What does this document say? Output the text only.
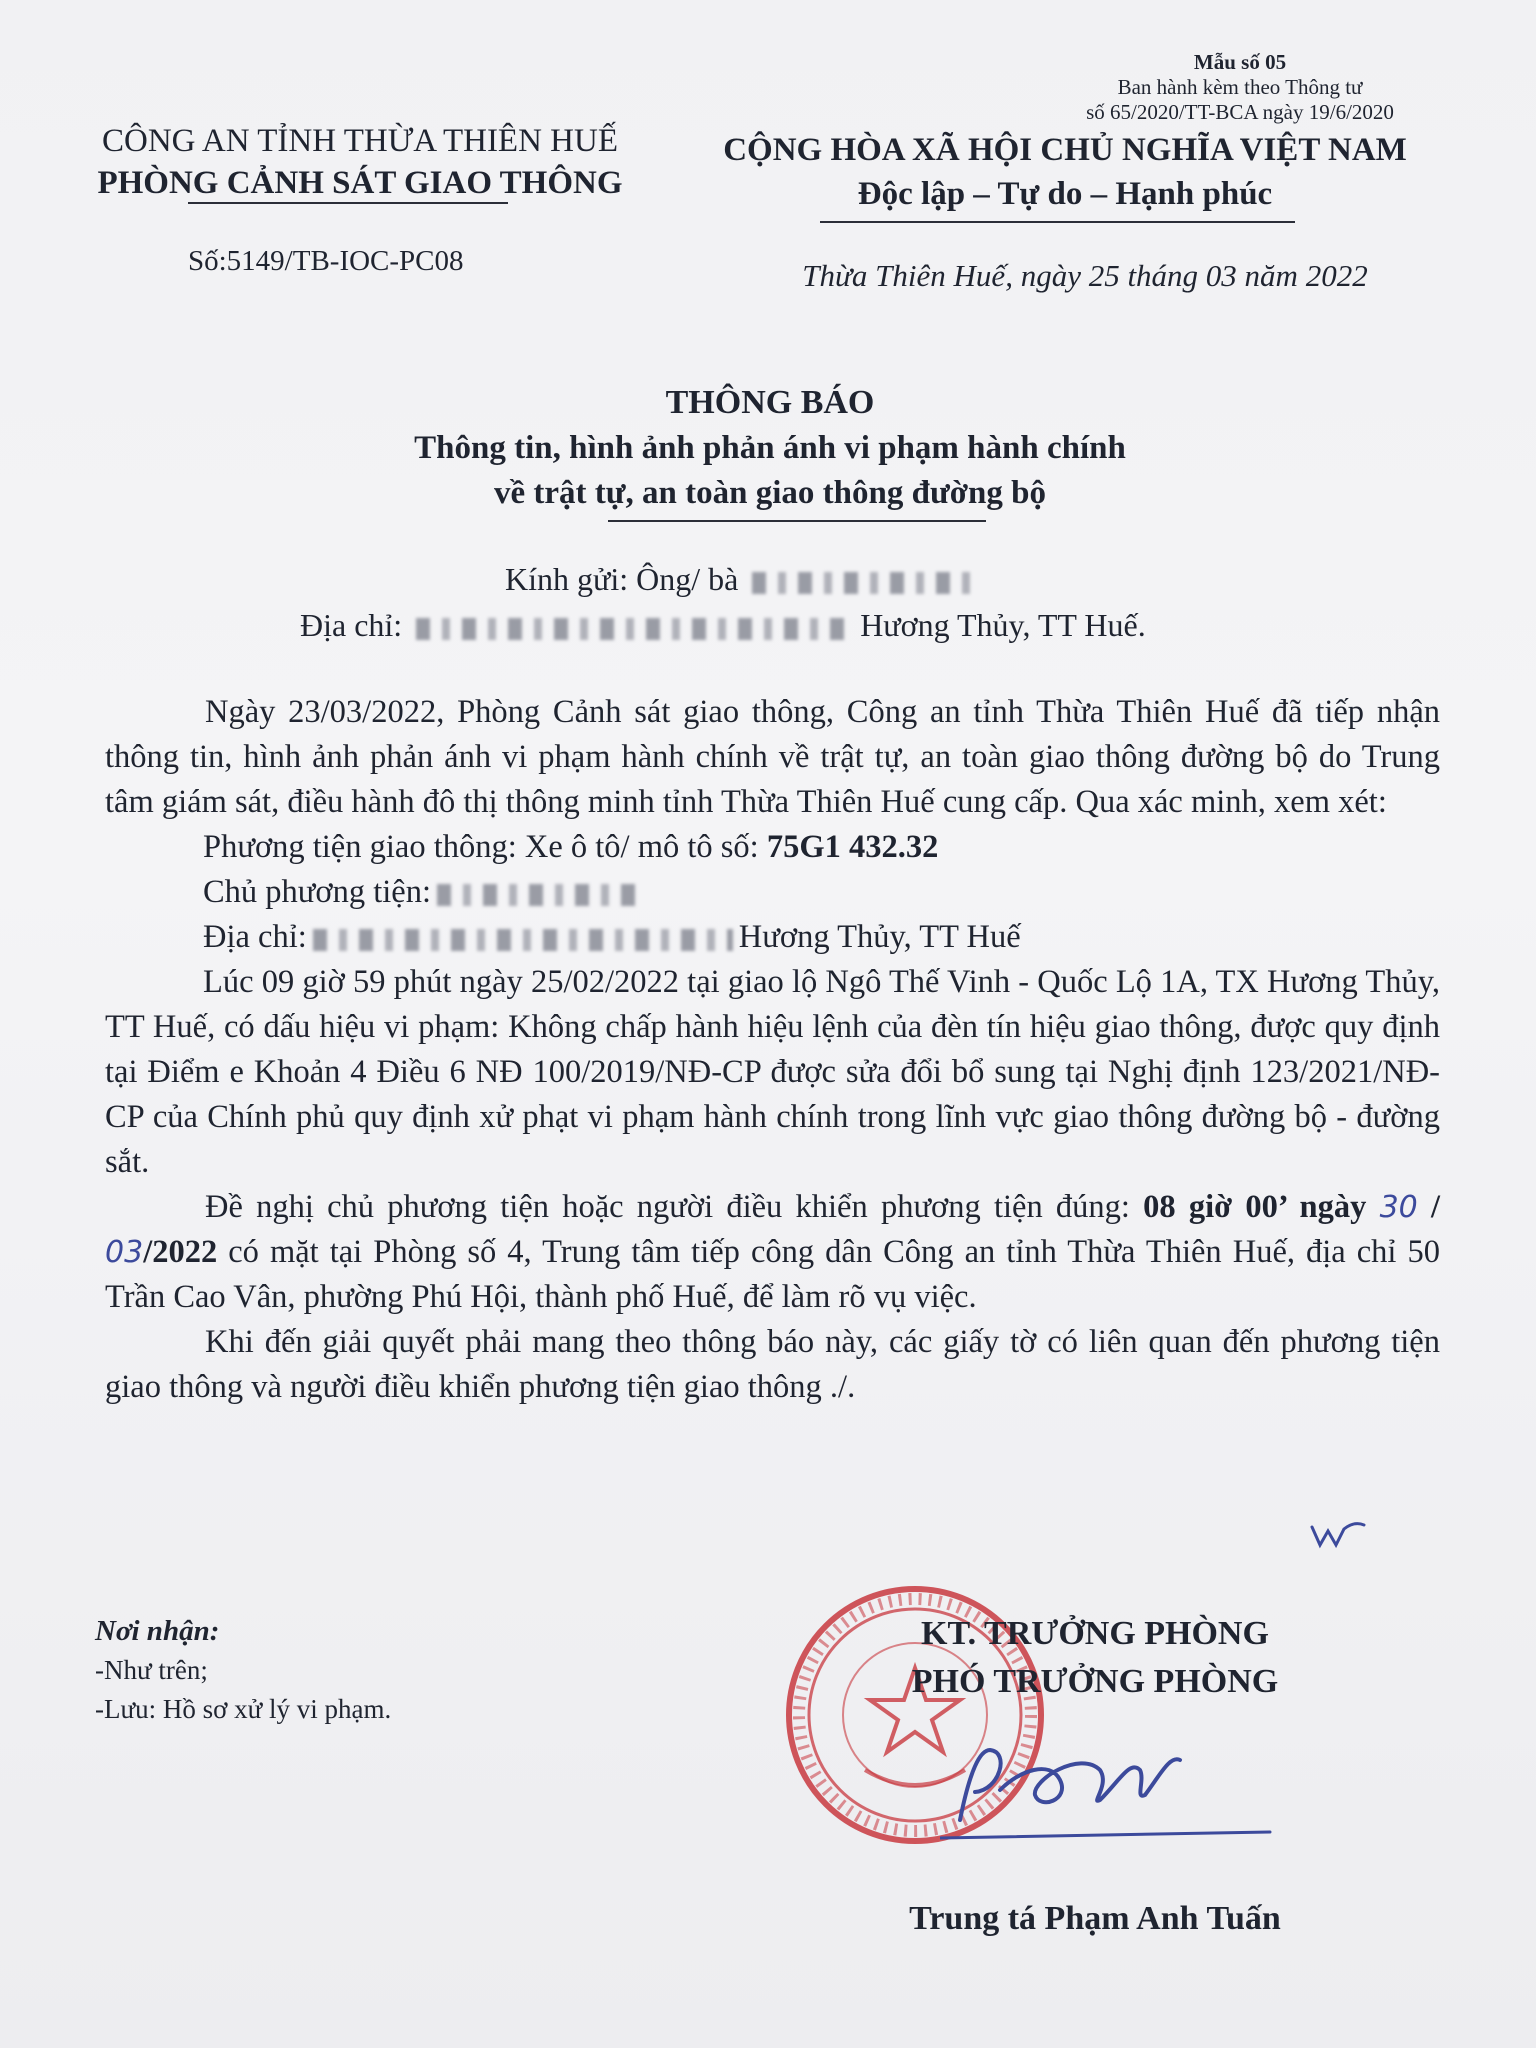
Mẫu số 05
Ban hành kèm theo Thông tư
số 65/2020/TT-BCA ngày 19/6/2020
CÔNG AN TỈNH THỪA THIÊN HUẾ
PHÒNG CẢNH SÁT GIAO THÔNG
CỘNG HÒA XÃ HỘI CHỦ NGHĨA VIỆT NAM
Độc lập – Tự do – Hạnh phúc
Số:5149/TB-IOC-PC08	Thừa Thiên Huế, ngày 25 tháng 03 năm 2022
THÔNG BÁO
Thông tin, hình ảnh phản ánh vi phạm hành chính
về trật tự, an toàn giao thông đường bộ
Kính gửi: Ông/ bà
Địa chỉ:	Hương Thủy, TT Huế.

Ngày 23/03/2022, Phòng Cảnh sát giao thông, Công an tỉnh Thừa Thiên Huế đã tiếp nhận thông tin, hình ảnh phản ánh vi phạm hành chính về trật tự, an toàn giao thông đường bộ do Trung tâm giám sát, điều hành đô thị thông minh tỉnh Thừa Thiên Huế cung cấp. Qua xác minh, xem xét:

Phương tiện giao thông: Xe ô tô/ mô tô số: 75G1 432.32

Chủ phương tiện:

Địa chỉ:	Hương Thủy, TT Huế

Lúc 09 giờ 59 phút ngày 25/02/2022 tại giao lộ Ngô Thế Vinh - Quốc Lộ 1A, TX Hương Thủy, TT Huế, có dấu hiệu vi phạm: Không chấp hành hiệu lệnh của đèn tín hiệu giao thông, được quy định tại Điểm e Khoản 4 Điều 6 NĐ 100/2019/NĐ-CP được sửa đổi bổ sung tại Nghị định 123/2021/NĐ-CP của Chính phủ quy định xử phạt vi phạm hành chính trong lĩnh vực giao thông đường bộ - đường sắt.

Đề nghị chủ phương tiện hoặc người điều khiển phương tiện đúng: 08 giờ 00’ ngày 30 / 03/2022 có mặt tại Phòng số 4, Trung tâm tiếp công dân Công an tỉnh Thừa Thiên Huế, địa chỉ 50 Trần Cao Vân, phường Phú Hội, thành phố Huế, để làm rõ vụ việc.

Khi đến giải quyết phải mang theo thông báo này, các giấy tờ có liên quan đến phương tiện giao thông và người điều khiển phương tiện giao thông ./.

Nơi nhận:
-Như trên;
-Lưu: Hồ sơ xử lý vi phạm.
KT. TRƯỞNG PHÒNG
PHÓ TRƯỞNG PHÒNG
Trung tá Phạm Anh Tuấn
